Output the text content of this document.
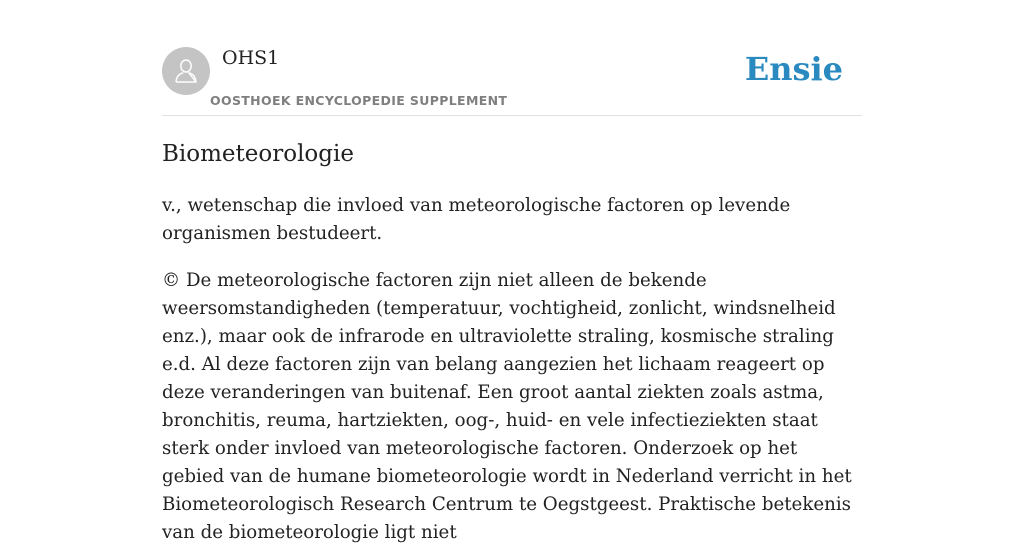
OHS1
OOSTHOEK ENCYCLOPEDIE SUPPLEMENT
Ensie
Biometeorologie

v., wetenschap die invloed van meteorologische factoren op levende organismen bestudeert.

© De meteorologische factoren zijn niet alleen de bekende weersomstandigheden (temperatuur, vochtigheid, zonlicht, windsnelheid enz.), maar ook de infrarode en ultraviolette straling, kosmische straling e.d. Al deze factoren zijn van belang aangezien het lichaam reageert op deze veranderingen van buitenaf. Een groot aantal ziekten zoals astma, bronchitis, reuma, hartziekten, oog-, huid- en vele infectieziekten staat sterk onder invloed van meteorologische factoren. Onderzoek op het gebied van de humane biometeorologie wordt in Nederland verricht in het Biometeorologisch Research Centrum te Oegstgeest. Praktische betekenis van de biometeorologie ligt niet
